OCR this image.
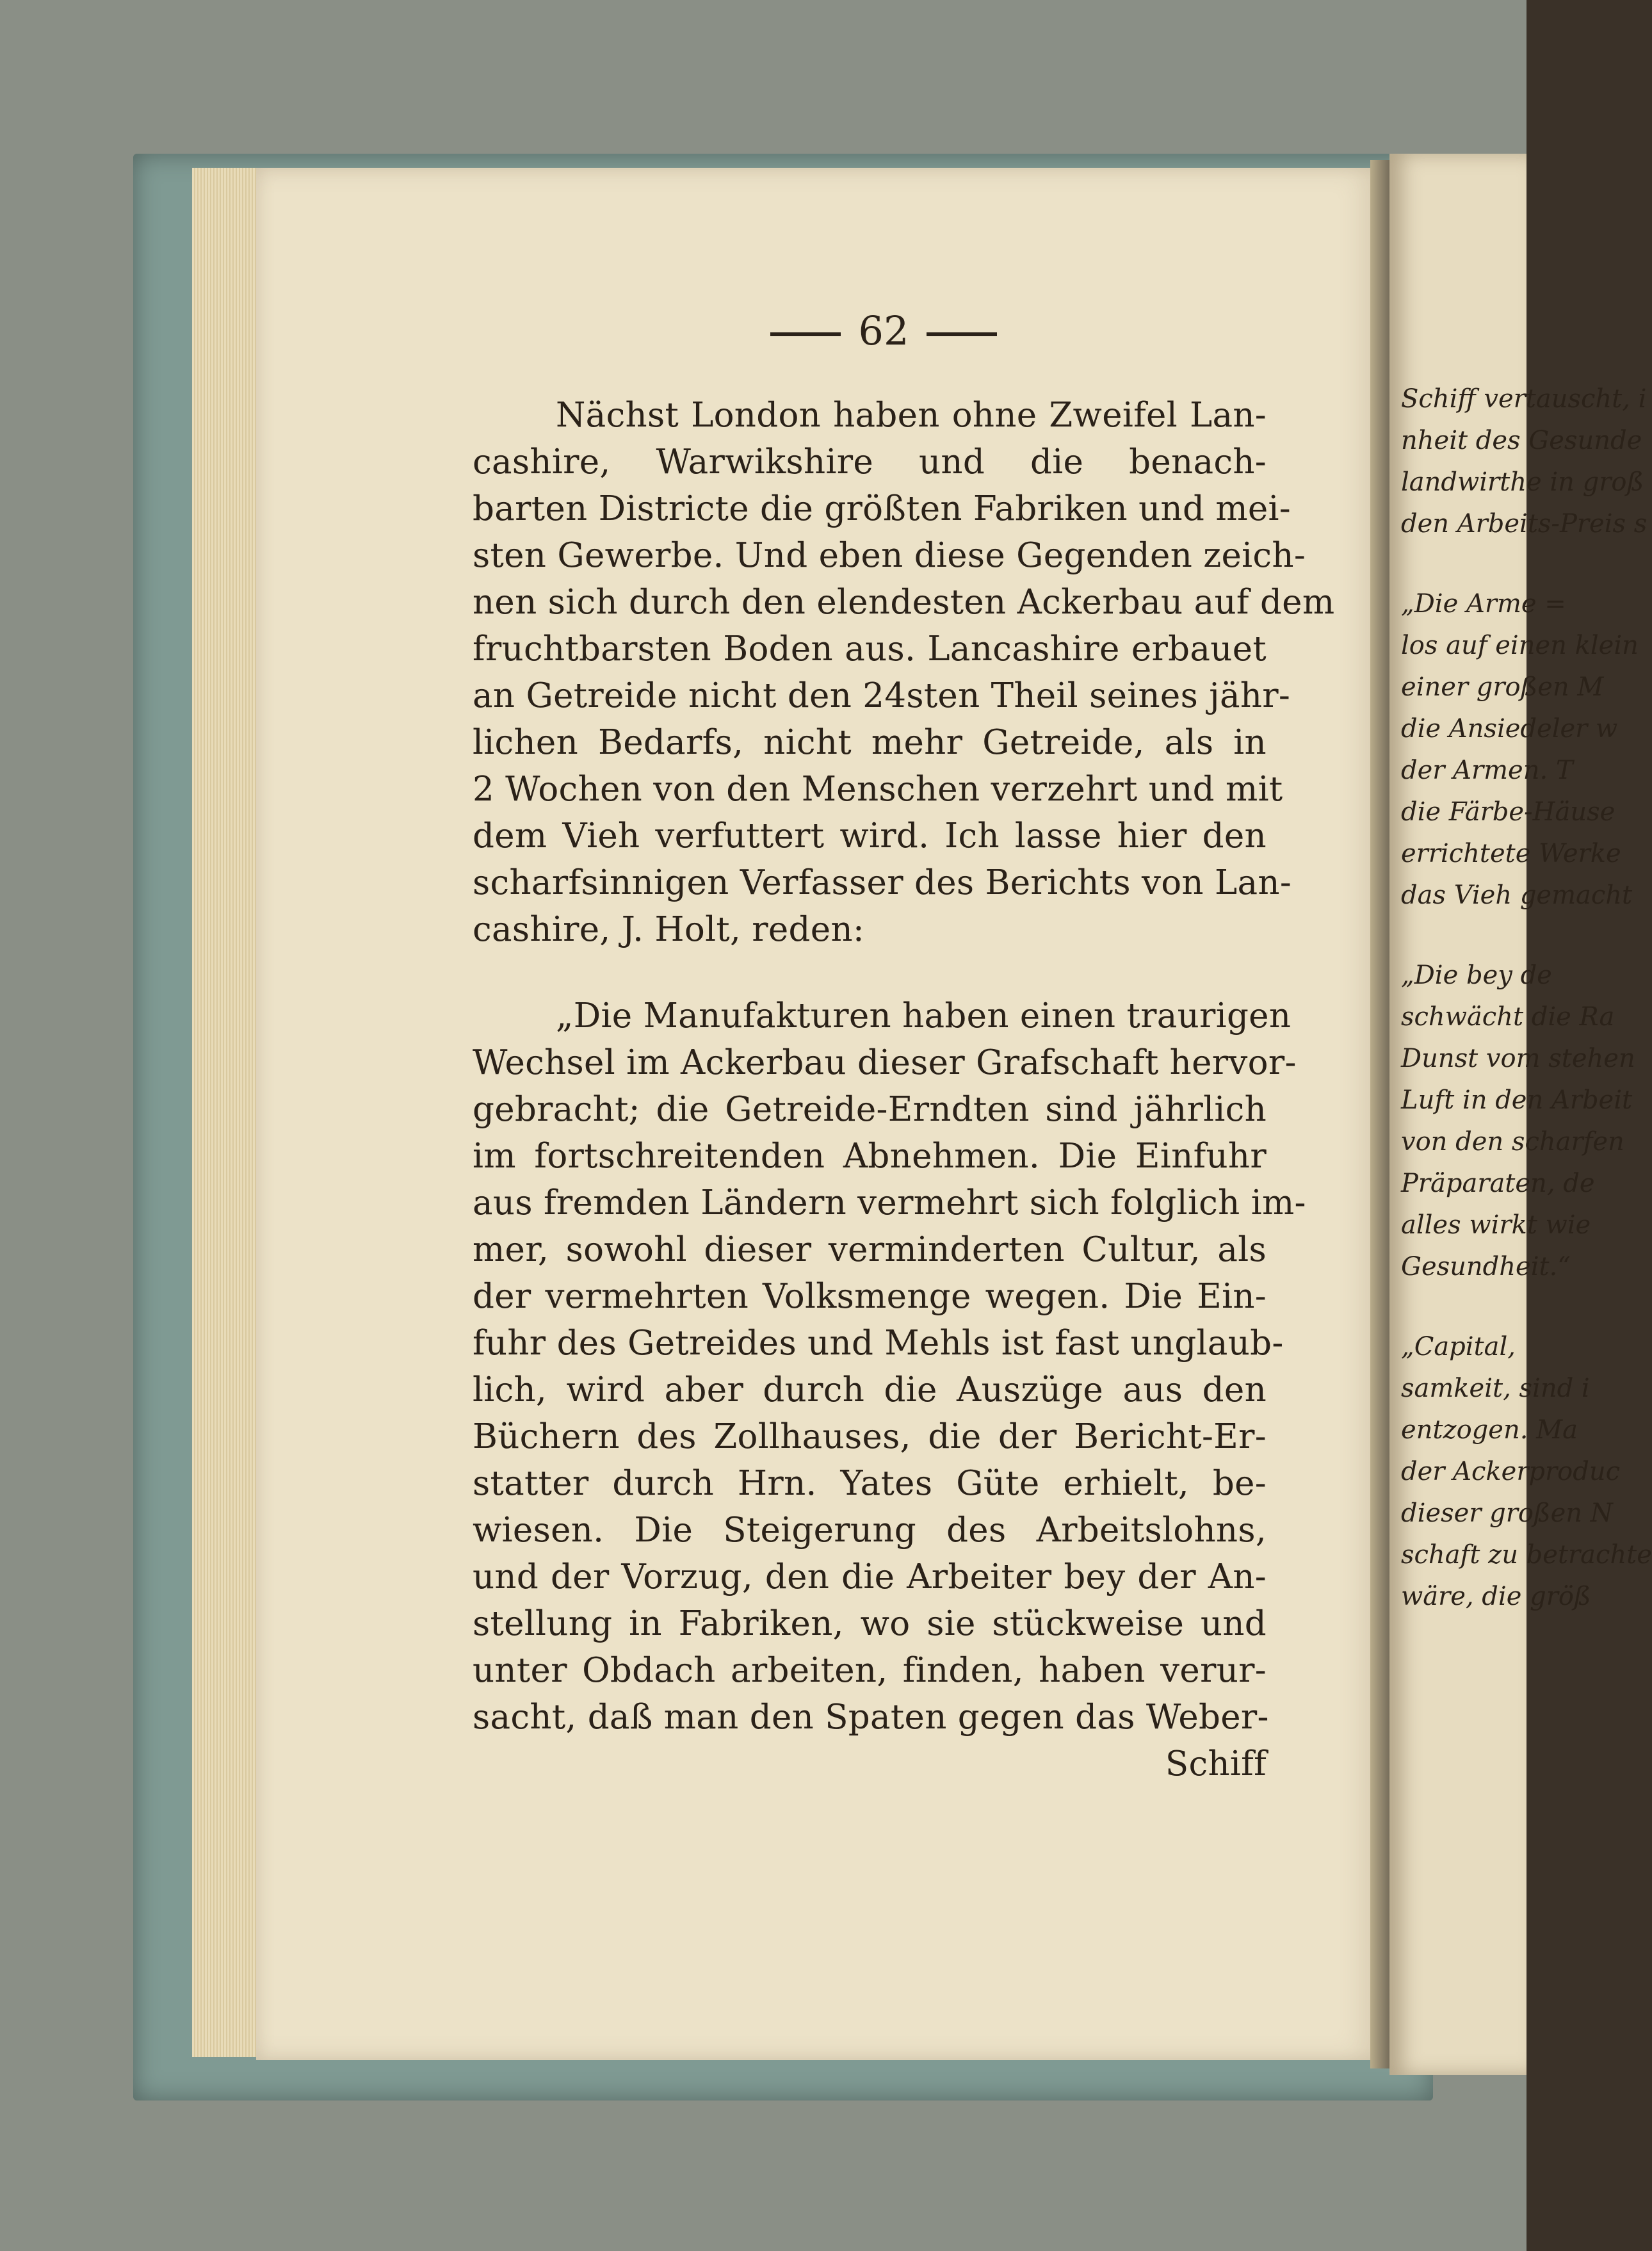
62
Nächst London haben ohne Zweifel Lan-
cashire, Warwikshire und die benach-
barten Districte die größten Fabriken und mei-
sten Gewerbe. Und eben diese Gegenden zeich-
nen sich durch den elendesten Ackerbau auf dem
fruchtbarsten Boden aus. Lancashire erbauet
an Getreide nicht den 24sten Theil seines jähr-
lichen Bedarfs, nicht mehr Getreide, als in
2 Wochen von den Menschen verzehrt und mit
dem Vieh verfuttert wird. Ich lasse hier den
scharfsinnigen Verfasser des Berichts von Lan-
cashire, J. Holt, reden:
„Die Manufakturen haben einen traurigen
Wechsel im Ackerbau dieser Grafschaft hervor-
gebracht; die Getreide-Erndten sind jährlich
im fortschreitenden Abnehmen. Die Einfuhr
aus fremden Ländern vermehrt sich folglich im-
mer, sowohl dieser verminderten Cultur, als
der vermehrten Volksmenge wegen. Die Ein-
fuhr des Getreides und Mehls ist fast unglaub-
lich, wird aber durch die Auszüge aus den
Büchern des Zollhauses, die der Bericht-Er-
statter durch Hrn. Yates Güte erhielt, be-
wiesen. Die Steigerung des Arbeitslohns,
und der Vorzug, den die Arbeiter bey der An-
stellung in Fabriken, wo sie stückweise und
unter Obdach arbeiten, finden, haben verur-
sacht, daß man den Spaten gegen das Weber-
Schiff
Schiff vertauscht, i
nheit des Gesunde
landwirthe in groß
den Arbeits-Preis s
„Die Arme =
los auf einen klein
einer großen M
die Ansiedeler w
der Armen. T
die Färbe-Häuse
errichtete Werke
das Vieh gemacht
„Die bey de
schwächt die Ra
Dunst vom stehen
Luft in den Arbeit
von den scharfen
Präparaten, de
alles wirkt wie
Gesundheit.“
„Capital,
samkeit, sind i
entzogen. Ma
der Ackerproduc
dieser großen N
schaft zu betrachte
wäre, die größ
